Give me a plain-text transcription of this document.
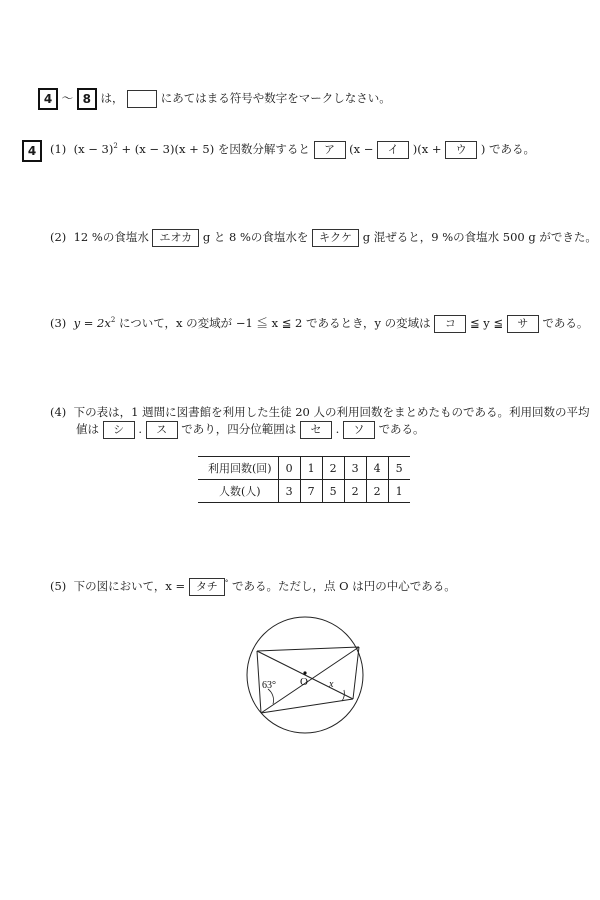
4 ～ 8 は，	にあてはまる符号や数字をマークしなさい。
4	(1) $(x - 3)^2 + (x - 3)(x + 5)$ を因数分解すると ア (x − イ )(x + ウ ) である。
(2) 12 %の食塩水 エオカ g と 8 %の食塩水を キクケ g 混ぜると，9 %の食塩水 500 g ができた。
(3) $y = 2x^2$ について，x の変域が −1 ≦ x ≦ 2 であるとき，y の変域は コ ≦ y ≦ サ である。
(4) 下の表は，1 週間に図書館を利用した生徒 20 人の利用回数をまとめたものである。利用回数の平均
値は シ . ス であり，四分位範囲は セ . ソ である。
利用回数(回)	0	1	2	3	4	5
人数(人)	3	7	5	2	2	1
(5) 下の図において，x = タチ ° である。ただし，点 O は円の中心である。
63° O x
